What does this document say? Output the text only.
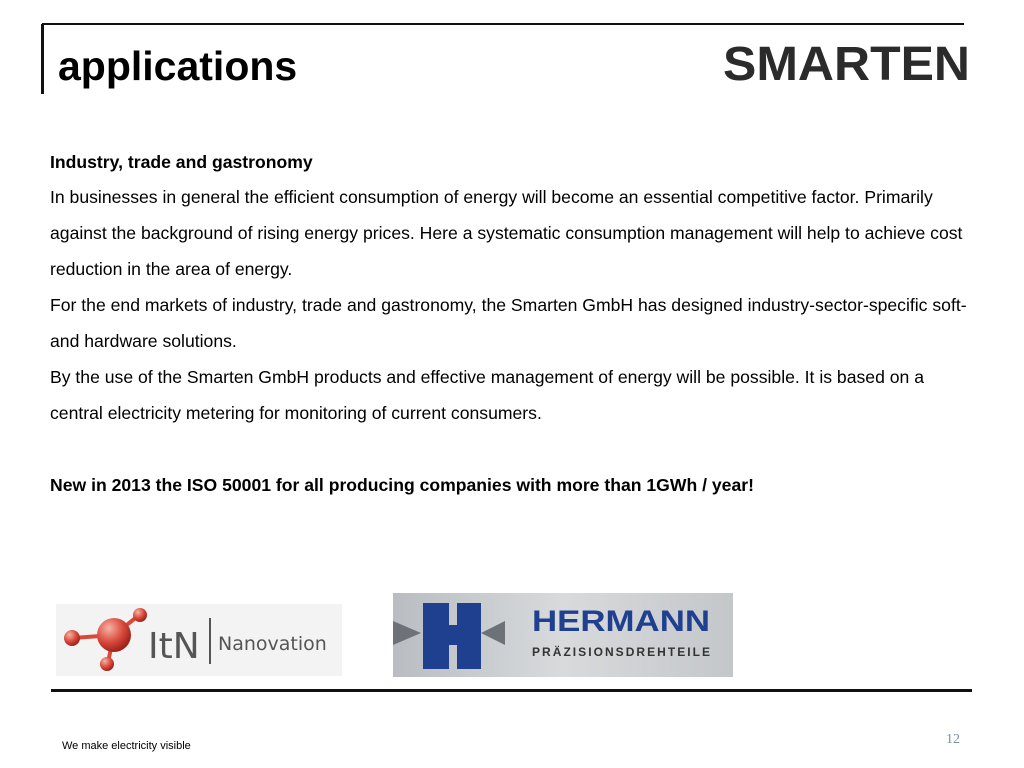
applications	SMARTEN

Industry, trade and gastronomy

In businesses in general the efficient consumption of energy will become an essential competitive factor. Primarily against the background of rising energy prices. Here a systematic consumption management will help to achieve cost reduction in the area of energy.

For the end markets of industry, trade and gastronomy, the Smarten GmbH has designed industry-sector-specific soft- and hardware solutions.

By the use of the Smarten GmbH products and effective management of energy will be possible. It is based on a central electricity metering for monitoring of current consumers.

New in 2013 the ISO 50001 for all producing companies with more than 1GWh / year!

ItN Nanovation
HERMANN
PRÄZISIONSDREHTEILE
We make electricity visible	12
